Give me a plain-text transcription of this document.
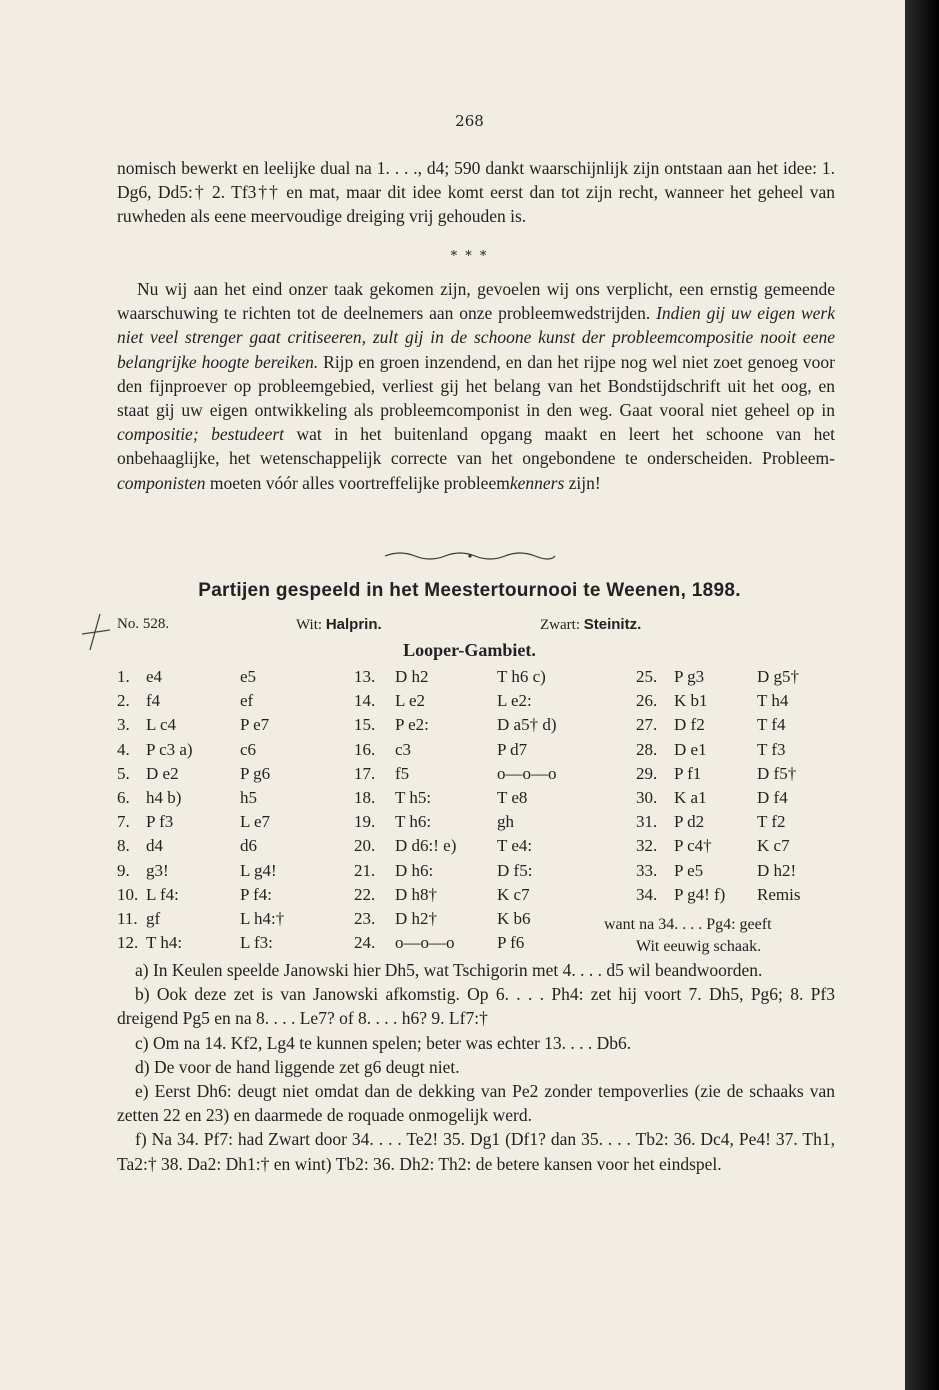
268

nomisch bewerkt en leelijke dual na 1. . . ., d4; 590 dankt waarschijnlijk zijn ontstaan aan het idee: 1. Dg6, Dd5:† 2. Tf3†† en mat, maar dit idee komt eerst dan tot zijn recht, wanneer het geheel van ruwheden als eene meervoudige dreiging vrij gehouden is.

* * *

Nu wij aan het eind onzer taak gekomen zijn, gevoelen wij ons verplicht, een ernstig gemeende waarschuwing te richten tot de deelnemers aan onze probleemwedstrijden. Indien gij uw eigen werk niet veel strenger gaat critiseeren, zult gij in de schoone kunst der probleemcompositie nooit eene belangrijke hoogte bereiken. Rijp en groen inzendend, en dan het rijpe nog wel niet zoet genoeg voor den fijnproever op probleemgebied, verliest gij het belang van het Bondstijdschrift uit het oog, en staat gij uw eigen ontwikkeling als probleemcomponist in den weg. Gaat vooral niet geheel op in compositie; bestudeert wat in het buitenland opgang maakt en leert het schoone van het onbehaaglijke, het wetenschappelijk correcte van het ongebondene te onderscheiden. Probleem-componisten moeten vóór alles voortreffelijke probleemkenners zijn!

Partijen gespeeld in het Meestertournooi te Weenen, 1898.
No. 528.	Wit: Halprin.	Zwart: Steinitz.
Looper-Gambiet.
1. e4	e5
2. f4	ef
3. L c4	P e7
4. P c3 a)	c6
5. D e2	P g6
6. h4 b)	h5
7. P f3	L e7
8. d4	d6
9. g3!	L g4!
10. L f4:	P f4:
11. gf	L h4:†
12. T h4:	L f3:
13. D h2	T h6 c)
14. L e2	L e2:
15. P e2:	D a5† d)
16. c3	P d7
17. f5	o—o—o
18. T h5:	T e8
19. T h6:	gh
20. D d6:! e) T e4:
21. D h6:	D f5:
22. D h8†	K c7
23. D h2†	K b6
24. o—o—o	P f6
25. P g3	D g5†
26. K b1	T h4
27. D f2	T f4
28. D e1	T f3
29. P f1	D f5†
30. K a1	D f4
31. P d2	T f2
32. P c4†	K c7
33. P e5	D h2!
34. P g4! f) Remis
want na 34. . . . Pg4: geeft
Wit eeuwig schaak.

a) In Keulen speelde Janowski hier Dh5, wat Tschigorin met 4. . . . d5 wil beandwoorden.

b) Ook deze zet is van Janowski afkomstig. Op 6. . . . Ph4: zet hij voort 7. Dh5, Pg6; 8. Pf3 dreigend Pg5 en na 8. . . . Le7? of 8. . . . h6? 9. Lf7:†

c) Om na 14. Kf2, Lg4 te kunnen spelen; beter was echter 13. . . . Db6.

d) De voor de hand liggende zet g6 deugt niet.

e) Eerst Dh6: deugt niet omdat dan de dekking van Pe2 zonder tempoverlies (zie de schaaks van zetten 22 en 23) en daarmede de roquade onmogelijk werd.

f) Na 34. Pf7: had Zwart door 34. . . . Te2! 35. Dg1 (Df1? dan 35. . . . Tb2: 36. Dc4, Pe4! 37. Th1, Ta2:† 38. Da2: Dh1:† en wint) Tb2: 36. Dh2: Th2: de betere kansen voor het eindspel.
